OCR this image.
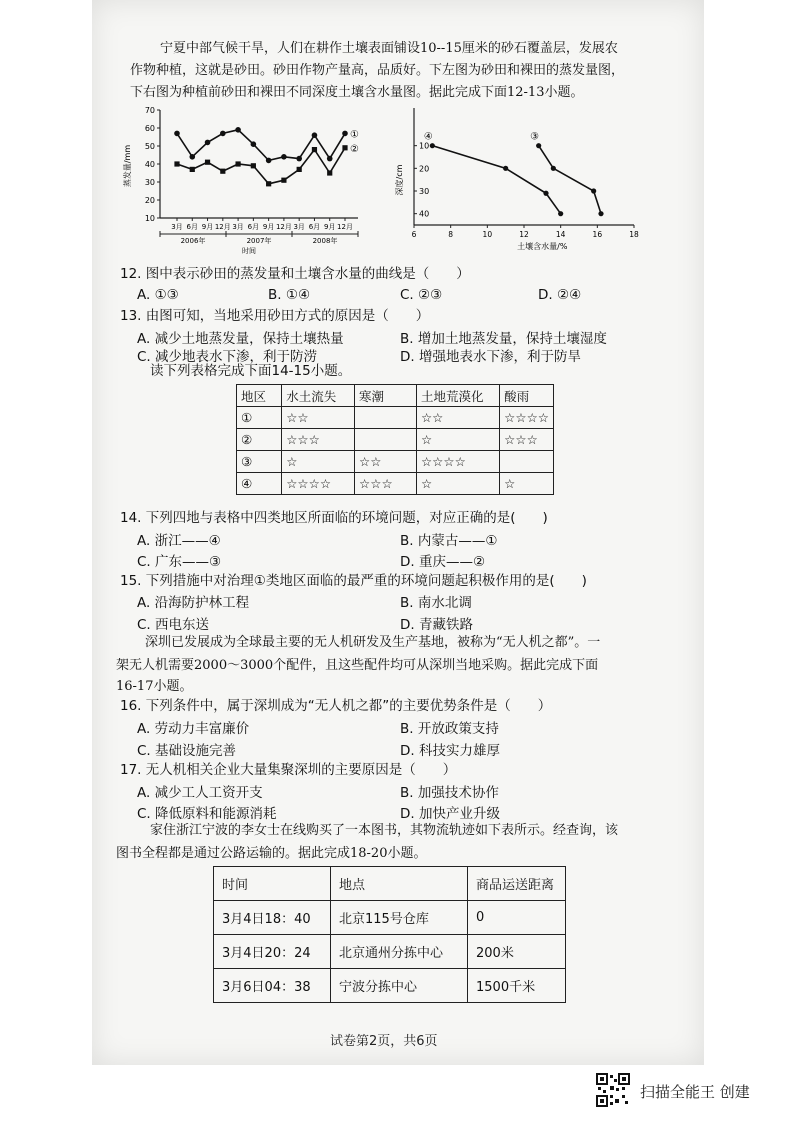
宁夏中部气候干旱，人们在耕作土壤表面铺设10--15厘米的砂石覆盖层，发展农
作物种植，这就是砂田。砂田作物产量高，品质好。下左图为砂田和裸田的蒸发量图，
下右图为种植前砂田和裸田不同深度土壤含水量图。据此完成下面12-13小题。
70
60
50
40
30
20
10
蒸发量/mm
3月 6月 9月 12月 3月 6月 9月 12月 3月 6月 9月 12月
2006年	2007年	2008年
时间
①
②	10
20
30
40
深度/cm
6	8	10	12	14	16	18
土壤含水量/%
④	③
12. 图中表示砂田的蒸发量和土壤含水量的曲线是（　　）
A. ①③	B. ①④	C. ②③	D. ②④
13. 由图可知，当地采用砂田方式的原因是（　　）
A. 减少土地蒸发量，保持土壤热量	B. 增加土地蒸发量，保持土壤湿度
C. 减少地表水下渗，利于防涝	D. 增强地表水下渗，利于防旱
读下列表格完成下面14-15小题。
地区	水土流失	寒潮	土地荒漠化	酸雨
①	☆☆		☆☆	☆☆☆☆
②	☆☆☆		☆	☆☆☆
③	☆	☆☆	☆☆☆☆	
④	☆☆☆☆	☆☆☆	☆	☆
14. 下列四地与表格中四类地区所面临的环境问题，对应正确的是(　　)
A. 浙江——④	B. 内蒙古——①
C. 广东——③	D. 重庆——②
15. 下列措施中对治理①类地区面临的最严重的环境问题起积极作用的是(　　)
A. 沿海防护林工程	B. 南水北调
C. 西电东送	D. 青藏铁路
深圳已发展成为全球最主要的无人机研发及生产基地，被称为“无人机之都”。一
架无人机需要2000～3000个配件，且这些配件均可从深圳当地采购。据此完成下面
16-17小题。
16. 下列条件中，属于深圳成为“无人机之都”的主要优势条件是（　　）
A. 劳动力丰富廉价	B. 开放政策支持
C. 基础设施完善	D. 科技实力雄厚
17. 无人机相关企业大量集聚深圳的主要原因是（　　）
A. 减少工人工资开支	B. 加强技术协作
C. 降低原料和能源消耗	D. 加快产业升级
家住浙江宁波的李女士在线购买了一本图书，其物流轨迹如下表所示。经查询，该
图书全程都是通过公路运输的。据此完成18-20小题。
时间	地点	商品运送距离
3月4日18：40	北京115号仓库	0
3月4日20：24	北京通州分拣中心	200米
3月6日04：38	宁波分拣中心	1500千米
试卷第2页，共6页
扫描全能王 创建
